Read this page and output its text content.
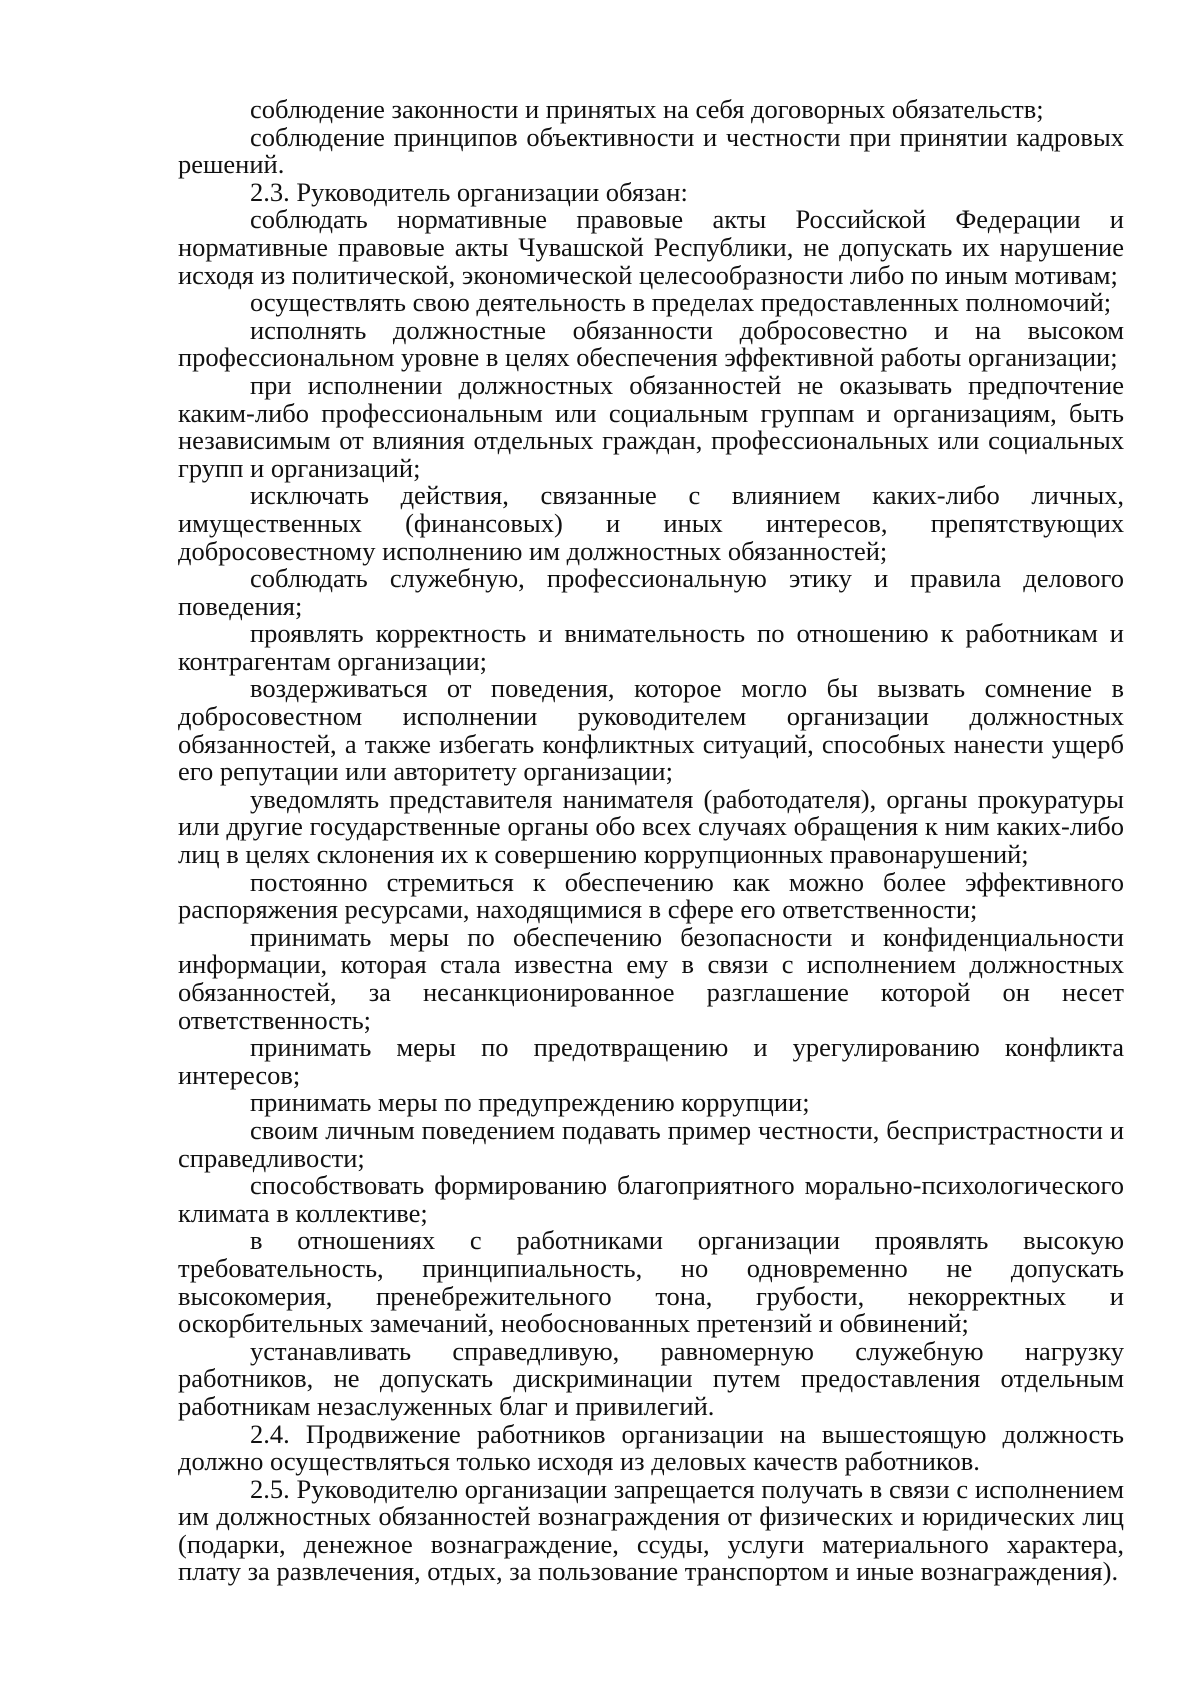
соблюдение законности и принятых на себя договорных обязательств;

соблюдение принципов объективности и честности при принятии кадровых решений.

2.3. Руководитель организации обязан:

соблюдать нормативные правовые акты Российской Федерации и нормативные правовые акты Чувашской Республики, не допускать их нарушение исходя из политической, экономической целесообразности либо по иным мотивам;

осуществлять свою деятельность в пределах предоставленных полномочий;

исполнять должностные обязанности добросовестно и на высоком профессиональном уровне в целях обеспечения эффективной работы организации;

при исполнении должностных обязанностей не оказывать предпочтение каким-либо профессиональным или социальным группам и организациям, быть независимым от влияния отдельных граждан, профессиональных или социальных групп и организаций;

исключать действия, связанные с влиянием каких-либо личных, имущественных (финансовых) и иных интересов, препятствующих добросовестному исполнению им должностных обязанностей;

соблюдать служебную, профессиональную этику и правила делового поведения;

проявлять корректность и внимательность по отношению к работникам и контрагентам организации;

воздерживаться от поведения, которое могло бы вызвать сомнение в добросовестном исполнении руководителем организации должностных обязанностей, а также избегать конфликтных ситуаций, способных нанести ущерб его репутации или авторитету организации;

уведомлять представителя нанимателя (работодателя), органы прокуратуры или другие государственные органы обо всех случаях обращения к ним каких-либо лиц в целях склонения их к совершению коррупционных правонарушений;

постоянно стремиться к обеспечению как можно более эффективного распоряжения ресурсами, находящимися в сфере его ответственности;

принимать меры по обеспечению безопасности и конфиденциальности информации, которая стала известна ему в связи с исполнением должностных обязанностей, за несанкционированное разглашение которой он несет ответственность;

принимать меры по предотвращению и урегулированию конфликта интересов;

принимать меры по предупреждению коррупции;

своим личным поведением подавать пример честности, беспристрастности и справедливости;

способствовать формированию благоприятного морально-психологического климата в коллективе;

в отношениях с работниками организации проявлять высокую требовательность, принципиальность, но одновременно не допускать высокомерия, пренебрежительного тона, грубости, некорректных и оскорбительных замечаний, необоснованных претензий и обвинений;

устанавливать справедливую, равномерную служебную нагрузку работников, не допускать дискриминации путем предоставления отдельным работникам незаслуженных благ и привилегий.

2.4. Продвижение работников организации на вышестоящую должность должно осуществляться только исходя из деловых качеств работников.

2.5. Руководителю организации запрещается получать в связи с исполнением им должностных обязанностей вознаграждения от физических и юридических лиц (подарки, денежное вознаграждение, ссуды, услуги материального характера, плату за развлечения, отдых, за пользование транспортом и иные вознаграждения).
